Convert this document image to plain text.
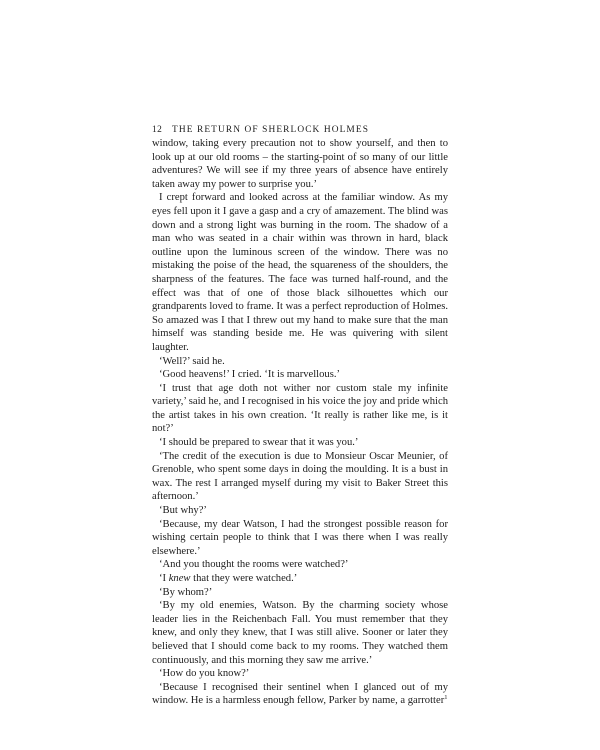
12 THE RETURN OF SHERLOCK HOLMES

window, taking every precaution not to show yourself, and then to look up at our old rooms – the starting-point of so many of our little adventures? We will see if my three years of absence have entirely taken away my power to surprise you.’

I crept forward and looked across at the familiar window. As my eyes fell upon it I gave a gasp and a cry of amazement. The blind was down and a strong light was burning in the room. The shadow of a man who was seated in a chair within was thrown in hard, black outline upon the luminous screen of the window. There was no mistaking the poise of the head, the squareness of the shoulders, the sharpness of the features. The face was turned half-round, and the effect was that of one of those black silhouettes which our grandparents loved to frame. It was a perfect reproduction of Holmes. So amazed was I that I threw out my hand to make sure that the man himself was standing beside me. He was quivering with silent laughter.

‘Well?’ said he.

‘Good heavens!’ I cried. ‘It is marvellous.’

‘I trust that age doth not wither nor custom stale my infinite variety,’ said he, and I recognised in his voice the joy and pride which the artist takes in his own creation. ‘It really is rather like me, is it not?’

‘I should be prepared to swear that it was you.’

‘The credit of the execution is due to Monsieur Oscar Meunier, of Grenoble, who spent some days in doing the moulding. It is a bust in wax. The rest I arranged myself during my visit to Baker Street this afternoon.’

‘But why?’

‘Because, my dear Watson, I had the strongest possible reason for wishing certain people to think that I was there when I was really elsewhere.’

‘And you thought the rooms were watched?’

‘I knew that they were watched.’

‘By whom?’

‘By my old enemies, Watson. By the charming society whose leader lies in the Reichenbach Fall. You must remember that they knew, and only they knew, that I was still alive. Sooner or later they believed that I should come back to my rooms. They watched them continuously, and this morning they saw me arrive.’

‘How do you know?’

‘Because I recognised their sentinel when I glanced out of my window. He is a harmless enough fellow, Parker by name, a garrotter$^1$
